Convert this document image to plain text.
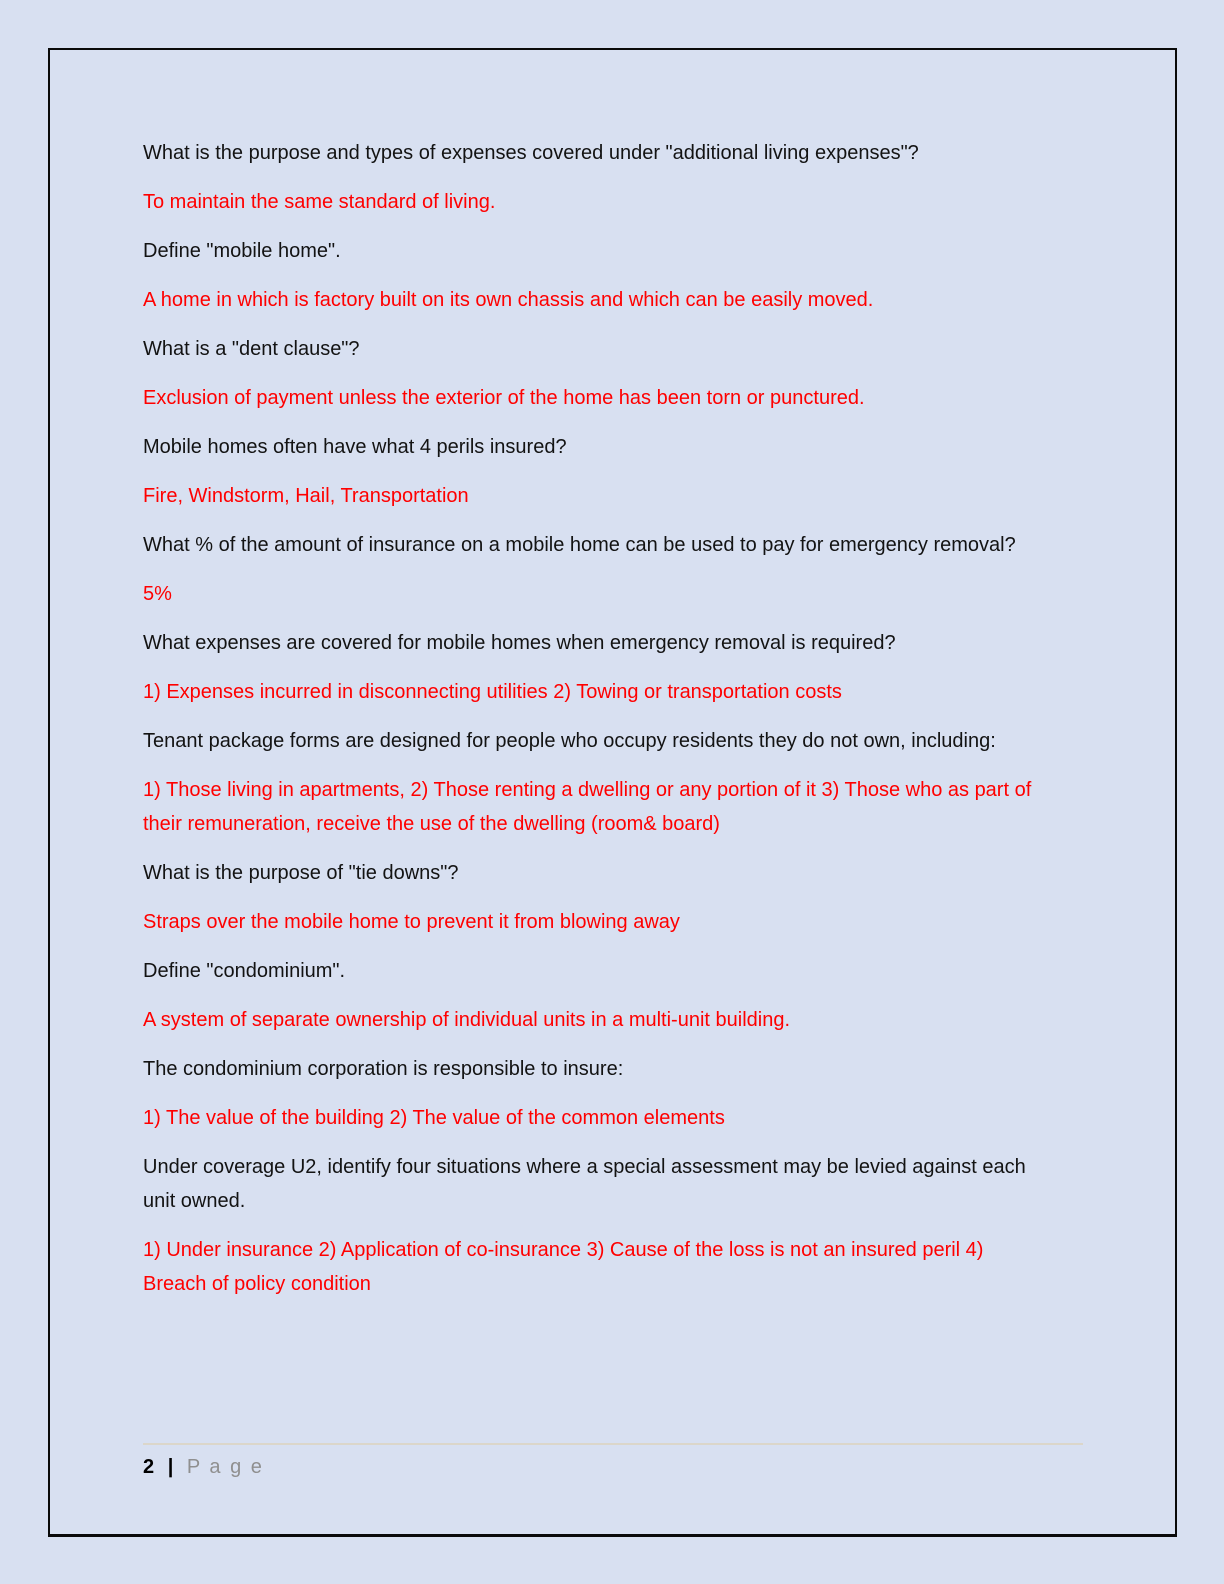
What is the purpose and types of expenses covered under "additional living expenses"?

To maintain the same standard of living.

Define "mobile home".

A home in which is factory built on its own chassis and which can be easily moved.

What is a "dent clause"?

Exclusion of payment unless the exterior of the home has been torn or punctured.

Mobile homes often have what 4 perils insured?

Fire, Windstorm, Hail, Transportation

What % of the amount of insurance on a mobile home can be used to pay for emergency removal?

5%

What expenses are covered for mobile homes when emergency removal is required?

1) Expenses incurred in disconnecting utilities 2) Towing or transportation costs

Tenant package forms are designed for people who occupy residents they do not own, including:

1) Those living in apartments, 2) Those renting a dwelling or any portion of it 3) Those who as part of their remuneration, receive the use of the dwelling (room& board)

What is the purpose of "tie downs"?

Straps over the mobile home to prevent it from blowing away

Define "condominium".

A system of separate ownership of individual units in a multi-unit building.

The condominium corporation is responsible to insure:

1) The value of the building 2) The value of the common elements

Under coverage U2, identify four situations where a special assessment may be levied against each unit owned.

1) Under insurance 2) Application of co-insurance 3) Cause of the loss is not an insured peril 4) Breach of policy condition

2 | P a g e
